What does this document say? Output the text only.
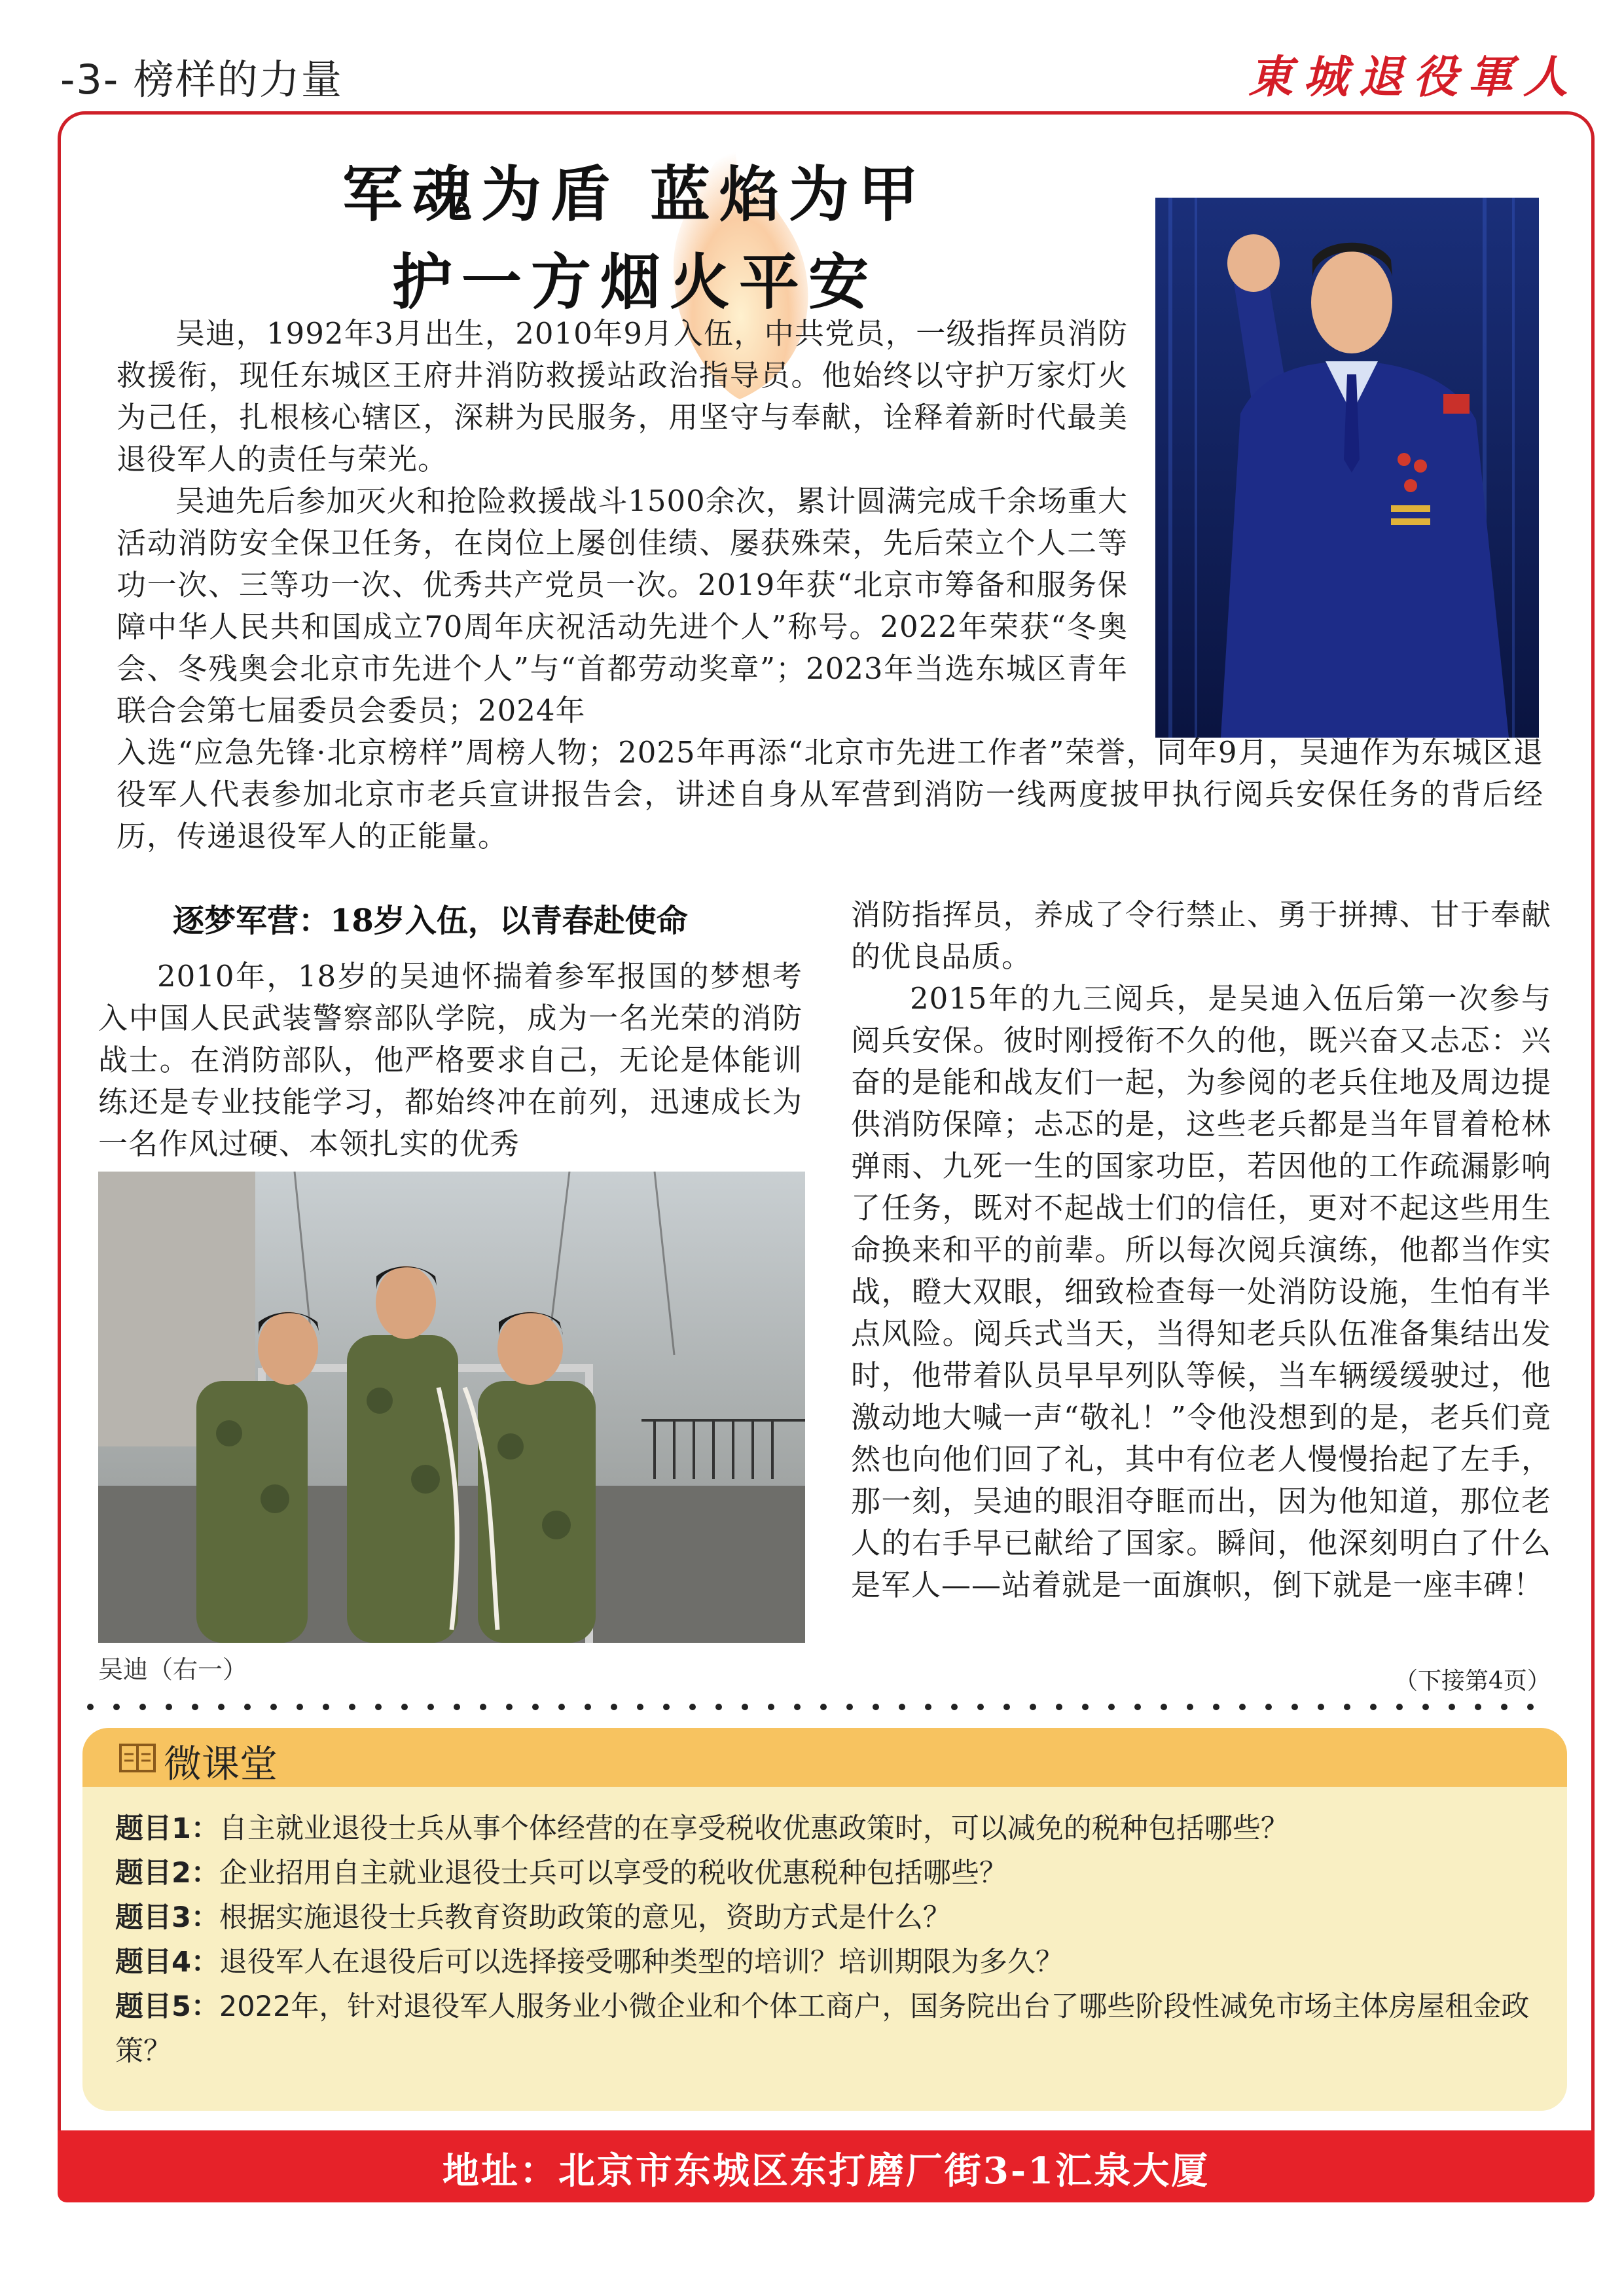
-3- 榜样的力量	東城退役軍人
军魂为盾 蓝焰为甲
护一方烟火平安

吴迪，1992年3月出生，2010年9月入伍，中共党员，一级指挥员消防救援衔，现任东城区王府井消防救援站政治指导员。他始终以守护万家灯火为己任，扎根核心辖区，深耕为民服务，用坚守与奉献，诠释着新时代最美退役军人的责任与荣光。

吴迪先后参加灭火和抢险救援战斗1500余次，累计圆满完成千余场重大活动消防安全保卫任务，在岗位上屡创佳绩、屡获殊荣，先后荣立个人二等功一次、三等功一次、优秀共产党员一次。2019年获“北京市筹备和服务保障中华人民共和国成立70周年庆祝活动先进个人”称号。2022年荣获“冬奥会、冬残奥会北京市先进个人”与“首都劳动奖章”；2023年当选东城区青年联合会第七届委员会委员；2024年

入选“应急先锋·北京榜样”周榜人物；2025年再添“北京市先进工作者”荣誉，同年9月，吴迪作为东城区退役军人代表参加北京市老兵宣讲报告会，讲述自身从军营到消防一线两度披甲执行阅兵安保任务的背后经历，传递退役军人的正能量。

逐梦军营：18岁入伍，以青春赴使命

2010年，18岁的吴迪怀揣着参军报国的梦想考入中国人民武装警察部队学院，成为一名光荣的消防战士。在消防部队，他严格要求自己，无论是体能训练还是专业技能学习，都始终冲在前列，迅速成长为一名作风过硬、本领扎实的优秀

吴迪（右一）

消防指挥员，养成了令行禁止、勇于拼搏、甘于奉献的优良品质。

2015年的九三阅兵，是吴迪入伍后第一次参与阅兵安保。彼时刚授衔不久的他，既兴奋又忐忑：兴奋的是能和战友们一起，为参阅的老兵住地及周边提供消防保障；忐忑的是，这些老兵都是当年冒着枪林弹雨、九死一生的国家功臣，若因他的工作疏漏影响了任务，既对不起战士们的信任，更对不起这些用生命换来和平的前辈。所以每次阅兵演练，他都当作实战，瞪大双眼，细致检查每一处消防设施，生怕有半点风险。阅兵式当天，当得知老兵队伍准备集结出发时，他带着队员早早列队等候，当车辆缓缓驶过，他激动地大喊一声“敬礼！”令他没想到的是，老兵们竟然也向他们回了礼，其中有位老人慢慢抬起了左手，那一刻，吴迪的眼泪夺眶而出，因为他知道，那位老人的右手早已献给了国家。瞬间，他深刻明白了什么是军人——站着就是一面旗帜，倒下就是一座丰碑！

（下接第4页）
微课堂

题目1：自主就业退役士兵从事个体经营的在享受税收优惠政策时，可以减免的税种包括哪些？

题目2：企业招用自主就业退役士兵可以享受的税收优惠税种包括哪些？

题目3：根据实施退役士兵教育资助政策的意见，资助方式是什么？

题目4：退役军人在退役后可以选择接受哪种类型的培训？培训期限为多久？

题目5：2022年，针对退役军人服务业小微企业和个体工商户，国务院出台了哪些阶段性减免市场主体房屋租金政策？

地址：北京市东城区东打磨厂街3-1汇泉大厦
